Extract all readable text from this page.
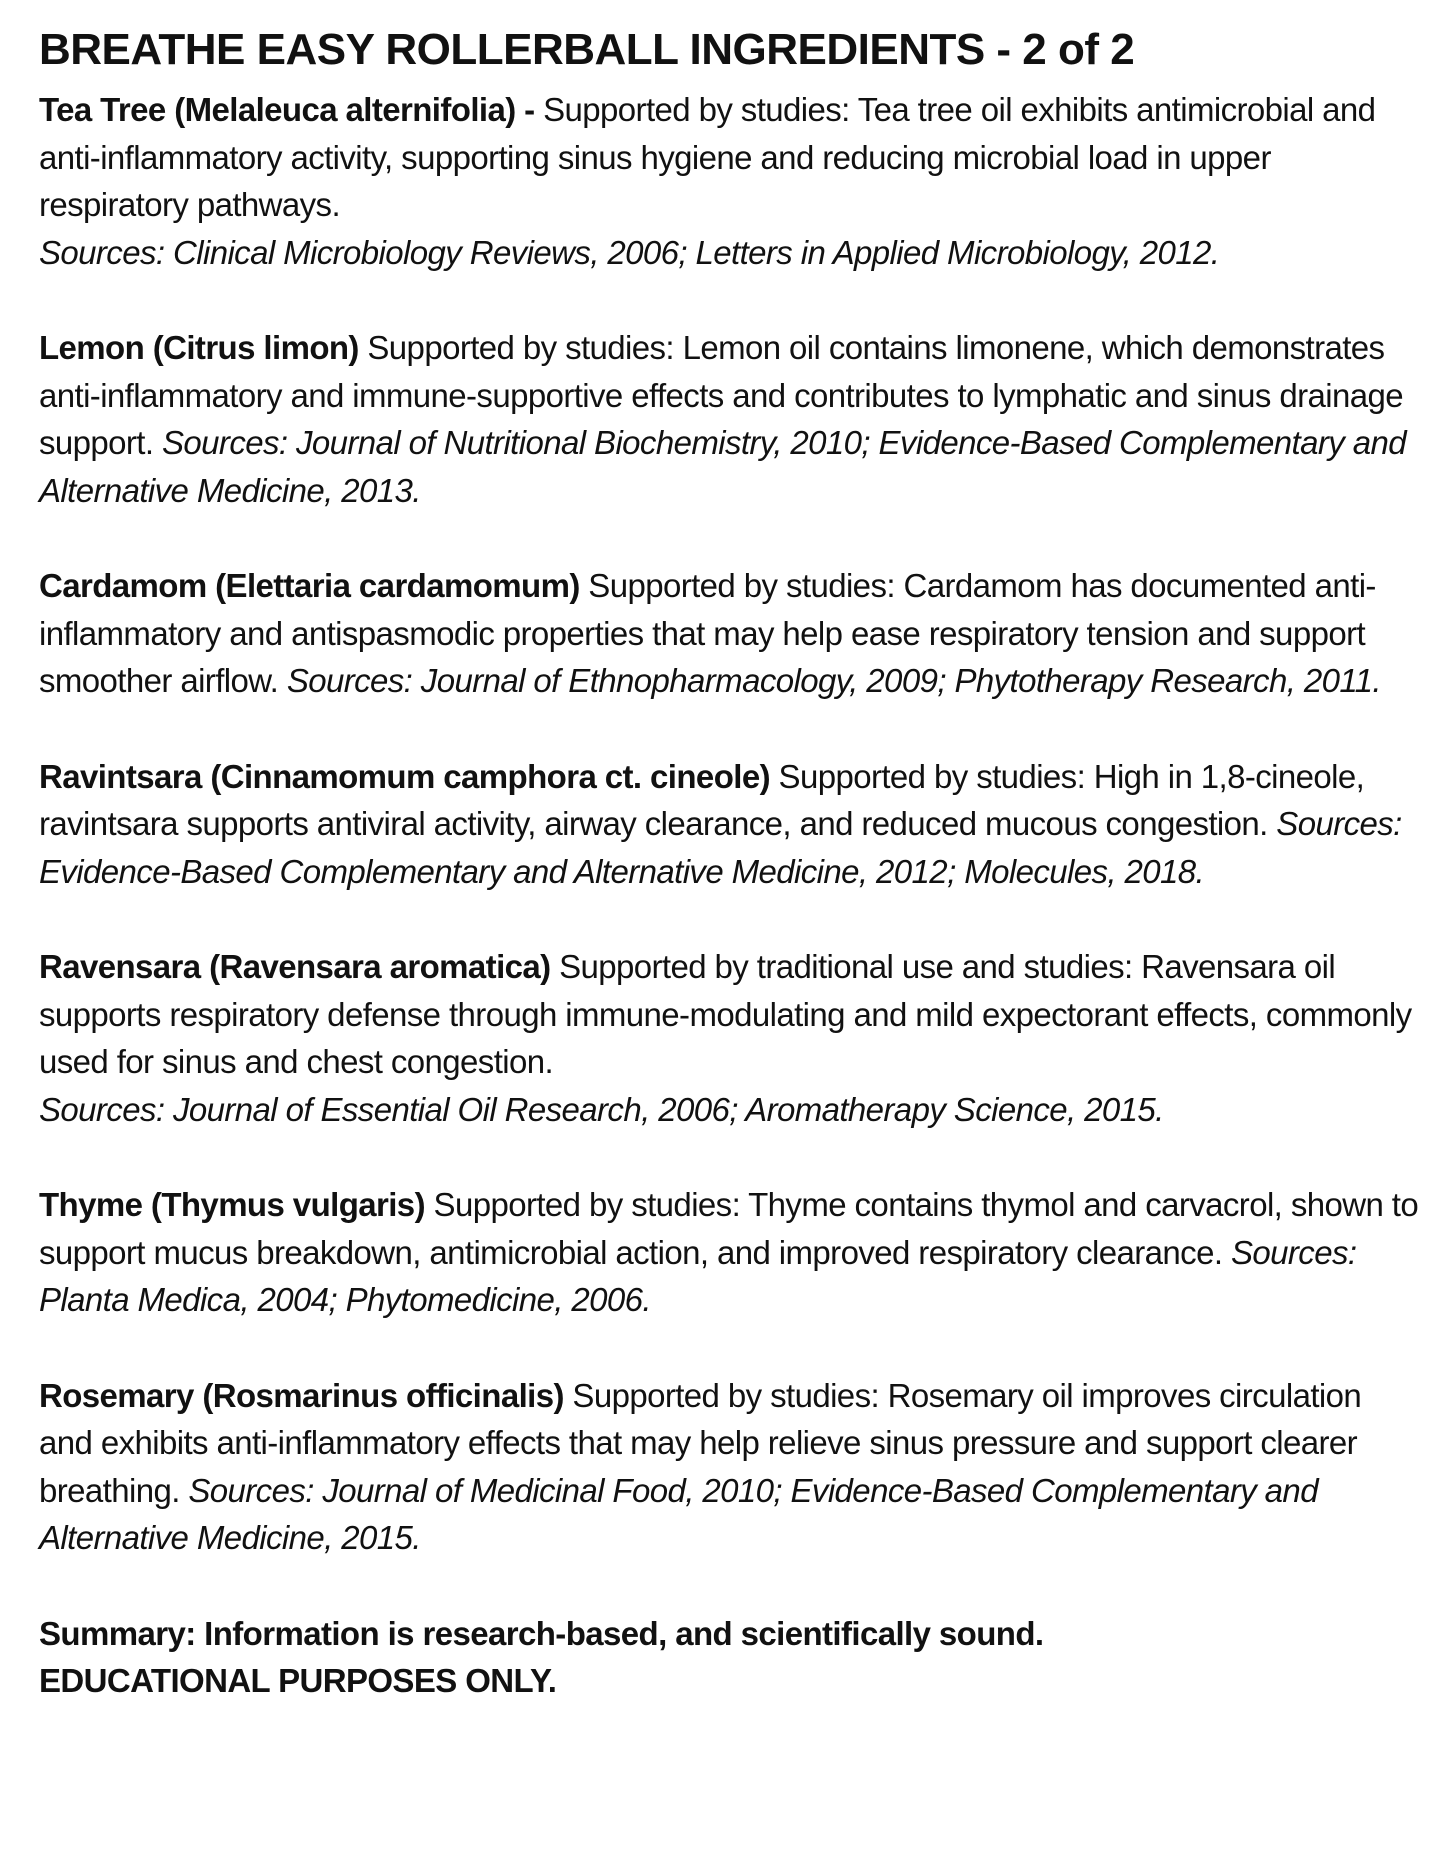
BREATHE EASY ROLLERBALL INGREDIENTS - 2 of 2

Tea Tree (Melaleuca alternifolia) - Supported by studies: Tea tree oil exhibits antimicrobial and anti-inflammatory activity, supporting sinus hygiene and reducing microbial load in upper respiratory pathways.
Sources: Clinical Microbiology Reviews, 2006; Letters in Applied Microbiology, 2012.

Lemon (Citrus limon) Supported by studies: Lemon oil contains limonene, which demonstrates anti-inflammatory and immune-supportive effects and contributes to lymphatic and sinus drainage support. Sources: Journal of Nutritional Biochemistry, 2010; Evidence-Based Complementary and Alternative Medicine, 2013.

Cardamom (Elettaria cardamomum) Supported by studies: Cardamom has documented anti-inflammatory and antispasmodic properties that may help ease respiratory tension and support smoother airflow. Sources: Journal of Ethnopharmacology, 2009; Phytotherapy Research, 2011.

Ravintsara (Cinnamomum camphora ct. cineole) Supported by studies: High in 1,8-cineole, ravintsara supports antiviral activity, airway clearance, and reduced mucous congestion. Sources: Evidence-Based Complementary and Alternative Medicine, 2012; Molecules, 2018.

Ravensara (Ravensara aromatica) Supported by traditional use and studies: Ravensara oil supports respiratory defense through immune-modulating and mild expectorant effects, commonly used for sinus and chest congestion.
Sources: Journal of Essential Oil Research, 2006; Aromatherapy Science, 2015.

Thyme (Thymus vulgaris) Supported by studies: Thyme contains thymol and carvacrol, shown to support mucus breakdown, antimicrobial action, and improved respiratory clearance. Sources: Planta Medica, 2004; Phytomedicine, 2006.

Rosemary (Rosmarinus officinalis) Supported by studies: Rosemary oil improves circulation and exhibits anti-inflammatory effects that may help relieve sinus pressure and support clearer breathing. Sources: Journal of Medicinal Food, 2010; Evidence-Based Complementary and Alternative Medicine, 2015.

Summary: Information is research-based, and scientifically sound.
EDUCATIONAL PURPOSES ONLY.
